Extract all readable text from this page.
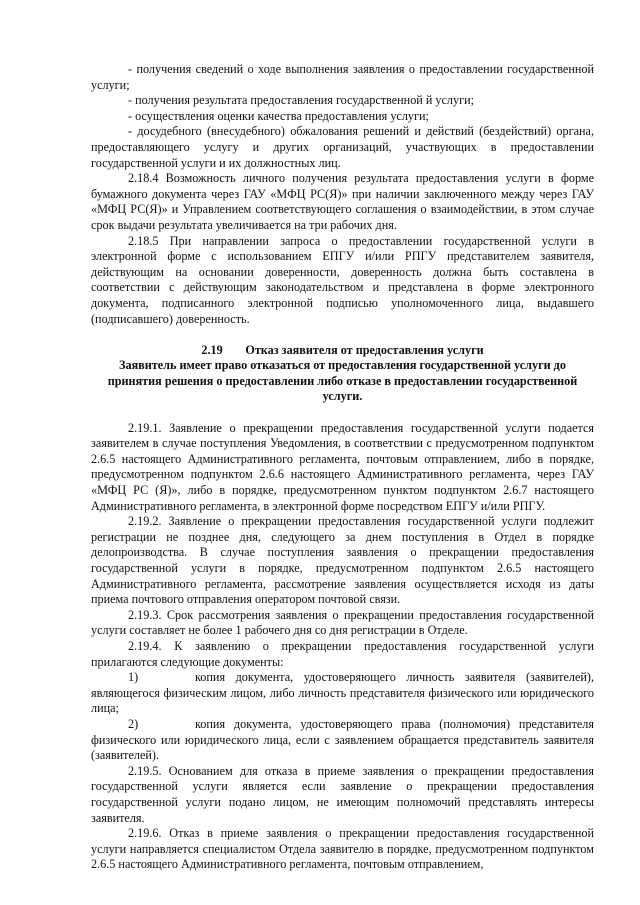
- получения сведений о ходе выполнения заявления о предоставлении государственной услуги;

- получения результата предоставления государственной й услуги;

- осуществления оценки качества предоставления услуги;

- досудебного (внесудебного) обжалования решений и действий (бездействий) органа, предоставляющего услугу и других организаций, участвующих в предоставлении государственной услуги и их должностных лиц.

2.18.4 Возможность личного получения результата предоставления услуги в форме бумажного документа через ГАУ «МФЦ РС(Я)» при наличии заключенного между через ГАУ «МФЦ РС(Я)» и Управлением соответствующего соглашения о взаимодействии, в этом случае срок выдачи результата увеличивается на три рабочих дня.

2.18.5 При направлении запроса о предоставлении государственной услуги в электронной форме с использованием ЕПГУ и/или РПГУ представителем заявителя, действующим на основании доверенности, доверенность должна быть составлена в соответствии с действующим законодательством и представлена в форме электронного документа, подписанного электронной подписью уполномоченного лица, выдавшего (подписавшего) доверенность.

2.19 Отказ заявителя от предоставления услуги

Заявитель имеет право отказаться от предоставления государственной услуги до принятия решения о предоставлении либо отказе в предоставлении государственной услуги.

2.19.1. Заявление о прекращении предоставления государственной услуги подается заявителем в случае поступления Уведомления, в соответствии с предусмотренном подпунктом 2.6.5 настоящего Административного регламента, почтовым отправлением, либо в порядке, предусмотренном подпунктом 2.6.6 настоящего Административного регламента, через ГАУ «МФЦ РС (Я)», либо в порядке, предусмотренном пунктом подпунктом 2.6.7 настоящего Административного регламента, в электронной форме посредством ЕПГУ и/или РПГУ.

2.19.2. Заявление о прекращении предоставления государственной услуги подлежит регистрации не позднее дня, следующего за днем поступления в Отдел в порядке делопроизводства. В случае поступления заявления о прекращении предоставления государственной услуги в порядке, предусмотренном подпунктом 2.6.5 настоящего Административного регламента, рассмотрение заявления осуществляется исходя из даты приема почтового отправления оператором почтовой связи.

2.19.3. Срок рассмотрения заявления о прекращении предоставления государственной услуги составляет не более 1 рабочего дня со дня регистрации в Отделе.

2.19.4. К заявлению о прекращении предоставления государственной услуги прилагаются следующие документы:

1)	копия документа, удостоверяющего личность заявителя (заявителей), являющегося физическим лицом, либо личность представителя физического или юридического лица;

2)	копия документа, удостоверяющего права (полномочия) представителя физического или юридического лица, если с заявлением обращается представитель заявителя (заявителей).

2.19.5. Основанием для отказа в приеме заявления о прекращении предоставления государственной услуги является если заявление о прекращении предоставления государственной услуги подано лицом, не имеющим полномочий представлять интересы заявителя.

2.19.6. Отказ в приеме заявления о прекращении предоставления государственной услуги направляется специалистом Отдела заявителю в порядке, предусмотренном подпунктом 2.6.5 настоящего Административного регламента, почтовым отправлением,
